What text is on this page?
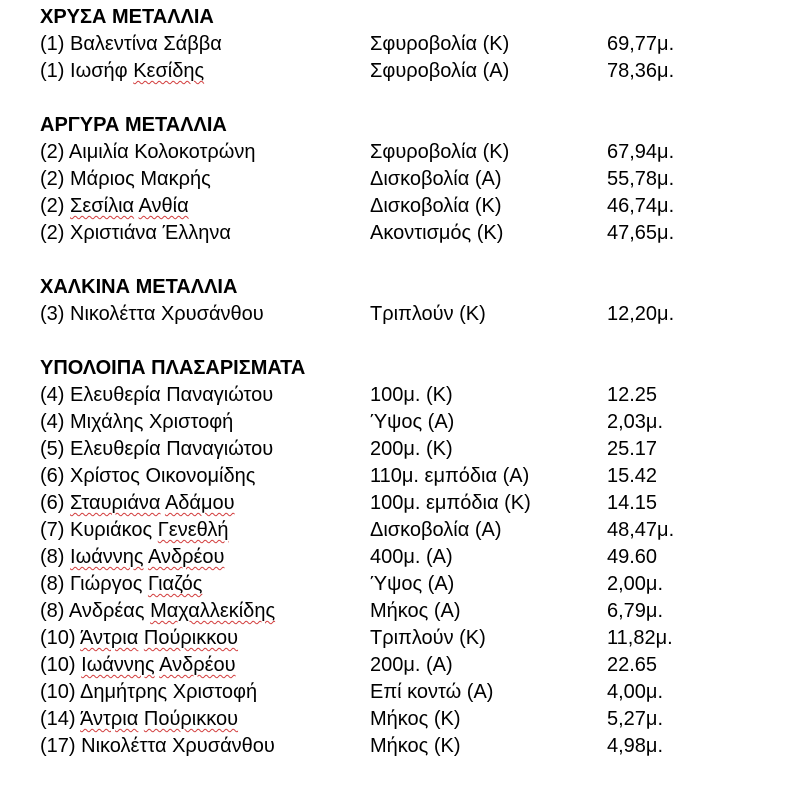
ΧΡΥΣΑ ΜΕΤΑΛΛΙΑ
(1) Βαλεντίνα Σάββα	Σφυροβολία (Κ)	69,77μ.
(1) Ιωσήφ Κεσίδης	Σφυροβολία (Α)	78,36μ.
ΑΡΓΥΡΑ ΜΕΤΑΛΛΙΑ
(2) Αιμιλία Κολοκοτρώνη	Σφυροβολία (Κ)	67,94μ.
(2) Μάριος Μακρής	Δισκοβολία (Α)	55,78μ.
(2) Σεσίλια Ανθία	Δισκοβολία (Κ)	46,74μ.
(2) Χριστιάνα Έλληνα	Ακοντισμός (Κ)	47,65μ.
ΧΑΛΚΙΝΑ ΜΕΤΑΛΛΙΑ
(3) Νικολέττα Χρυσάνθου	Τριπλούν (Κ)	12,20μ.
ΥΠΟΛΟΙΠΑ ΠΛΑΣΑΡΙΣΜΑΤΑ
(4) Ελευθερία Παναγιώτου	100μ. (Κ)	12.25
(4) Μιχάλης Χριστοφή	Ύψος (Α)	2,03μ.
(5) Ελευθερία Παναγιώτου	200μ. (Κ)	25.17
(6) Χρίστος Οικονομίδης	110μ. εμπόδια (Α)	15.42
(6) Σταυριάνα Αδάμου	100μ. εμπόδια (Κ)	14.15
(7) Κυριάκος Γενεθλή	Δισκοβολία (Α)	48,47μ.
(8) Ιωάννης Ανδρέου	400μ. (Α)	49.60
(8) Γιώργος Γιαζός	Ύψος (Α)	2,00μ.
(8) Ανδρέας Μαχαλλεκίδης	Μήκος (Α)	6,79μ.
(10) Άντρια Πούρικκου	Τριπλούν (Κ)	11,82μ.
(10) Ιωάννης Ανδρέου	200μ. (Α)	22.65
(10) Δημήτρης Χριστοφή	Επί κοντώ (Α)	4,00μ.
(14) Άντρια Πούρικκου	Μήκος (Κ)	5,27μ.
(17) Νικολέττα Χρυσάνθου	Μήκος (Κ)	4,98μ.
